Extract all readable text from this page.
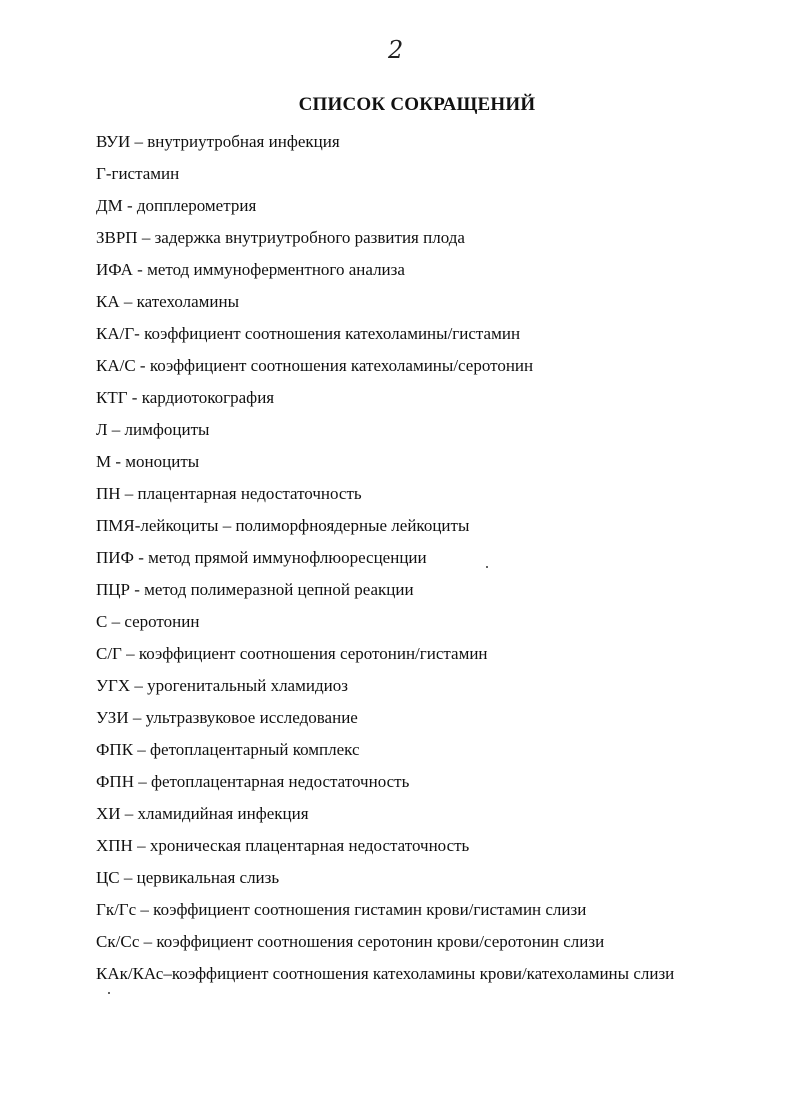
2
СПИСОК СОКРАЩЕНИЙ
ВУИ – внутриутробная инфекция
Г-гистамин
ДМ - допплерометрия
ЗВРП – задержка внутриутробного развития плода
ИФА - метод иммуноферментного анализа
КА – катехоламины
КА/Г- коэффициент соотношения катехоламины/гистамин
КА/С - коэффициент соотношения катехоламины/серотонин
КТГ - кардиотокография
Л – лимфоциты
М - моноциты
ПН – плацентарная недостаточность
ПМЯ-лейкоциты – полиморфноядерные лейкоциты
ПИФ - метод прямой иммунофлюоресценции
ПЦР - метод полимеразной цепной реакции
С – серотонин
С/Г – коэффициент соотношения серотонин/гистамин
УГХ – урогенитальный хламидиоз
УЗИ – ультразвуковое исследование
ФПК – фетоплацентарный комплекс
ФПН – фетоплацентарная недостаточность
ХИ – хламидийная инфекция
ХПН – хроническая плацентарная недостаточность
ЦС – цервикальная слизь
Гк/Гс – коэффициент соотношения гистамин крови/гистамин слизи
Ск/Сс – коэффициент соотношения серотонин крови/серотонин слизи
КАк/КАс–коэффициент соотношения катехоламины крови/катехоламины слизи
